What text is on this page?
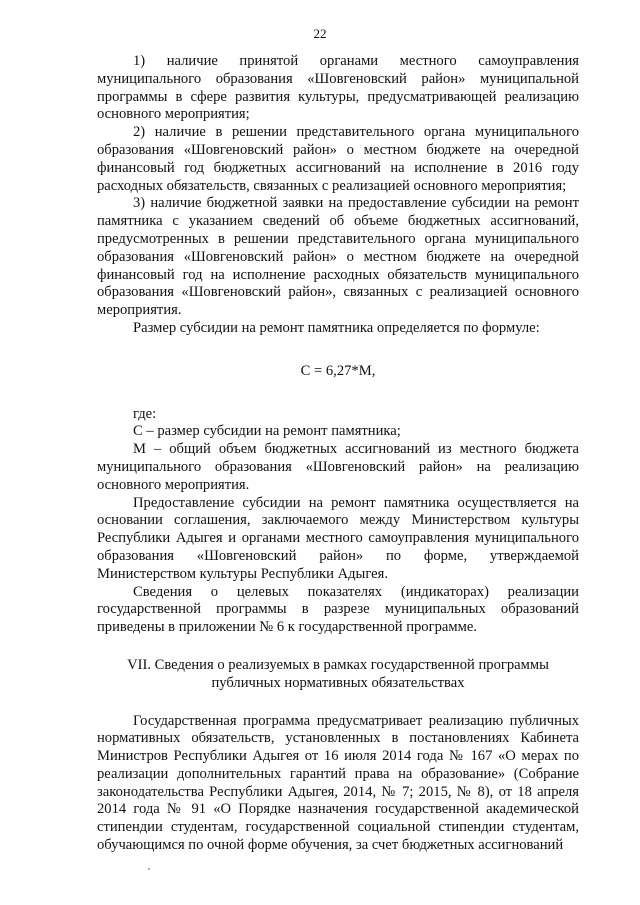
22

1) наличие принятой органами местного самоуправления муниципального образования «Шовгеновский район» муниципальной программы в сфере развития культуры, предусматривающей реализацию основного мероприятия;

2) наличие в решении представительного органа муниципального образования «Шовгеновский район» о местном бюджете на очередной финансовый год бюджетных ассигнований на исполнение в 2016 году расходных обязательств, связанных с реализацией основного мероприятия;

3) наличие бюджетной заявки на предоставление субсидии на ремонт памятника с указанием сведений об объеме бюджетных ассигнований, предусмотренных в решении представительного органа муниципального образования «Шовгеновский район» о местном бюджете на очередной финансовый год на исполнение расходных обязательств муниципального образования «Шовгеновский район», связанных с реализацией основного мероприятия.

Размер субсидии на ремонт памятника определяется по формуле:

С = 6,27*М,

где:

С – размер субсидии на ремонт памятника;

М – общий объем бюджетных ассигнований из местного бюджета муниципального образования «Шовгеновский район» на реализацию основного мероприятия.

Предоставление субсидии на ремонт памятника осуществляется на основании соглашения, заключаемого между Министерством культуры Республики Адыгея и органами местного самоуправления муниципального образования «Шовгеновский район» по форме, утверждаемой Министерством культуры Республики Адыгея.

Сведения о целевых показателях (индикаторах) реализации государственной программы в разрезе муниципальных образований приведены в приложении № 6 к государственной программе.

VII. Сведения о реализуемых в рамках государственной программы
публичных нормативных обязательствах

Государственная программа предусматривает реализацию публичных нормативных обязательств, установленных в постановлениях Кабинета Министров Республики Адыгея от 16 июля 2014 года № 167 «О мерах по реализации дополнительных гарантий права на образование» (Собрание законодательства Республики Адыгея, 2014, № 7; 2015, № 8), от 18 апреля 2014 года № 91 «О Порядке назначения государственной академической стипендии студентам, государственной социальной стипендии студентам, обучающимся по очной форме обучения, за счет бюджетных ассигнований
